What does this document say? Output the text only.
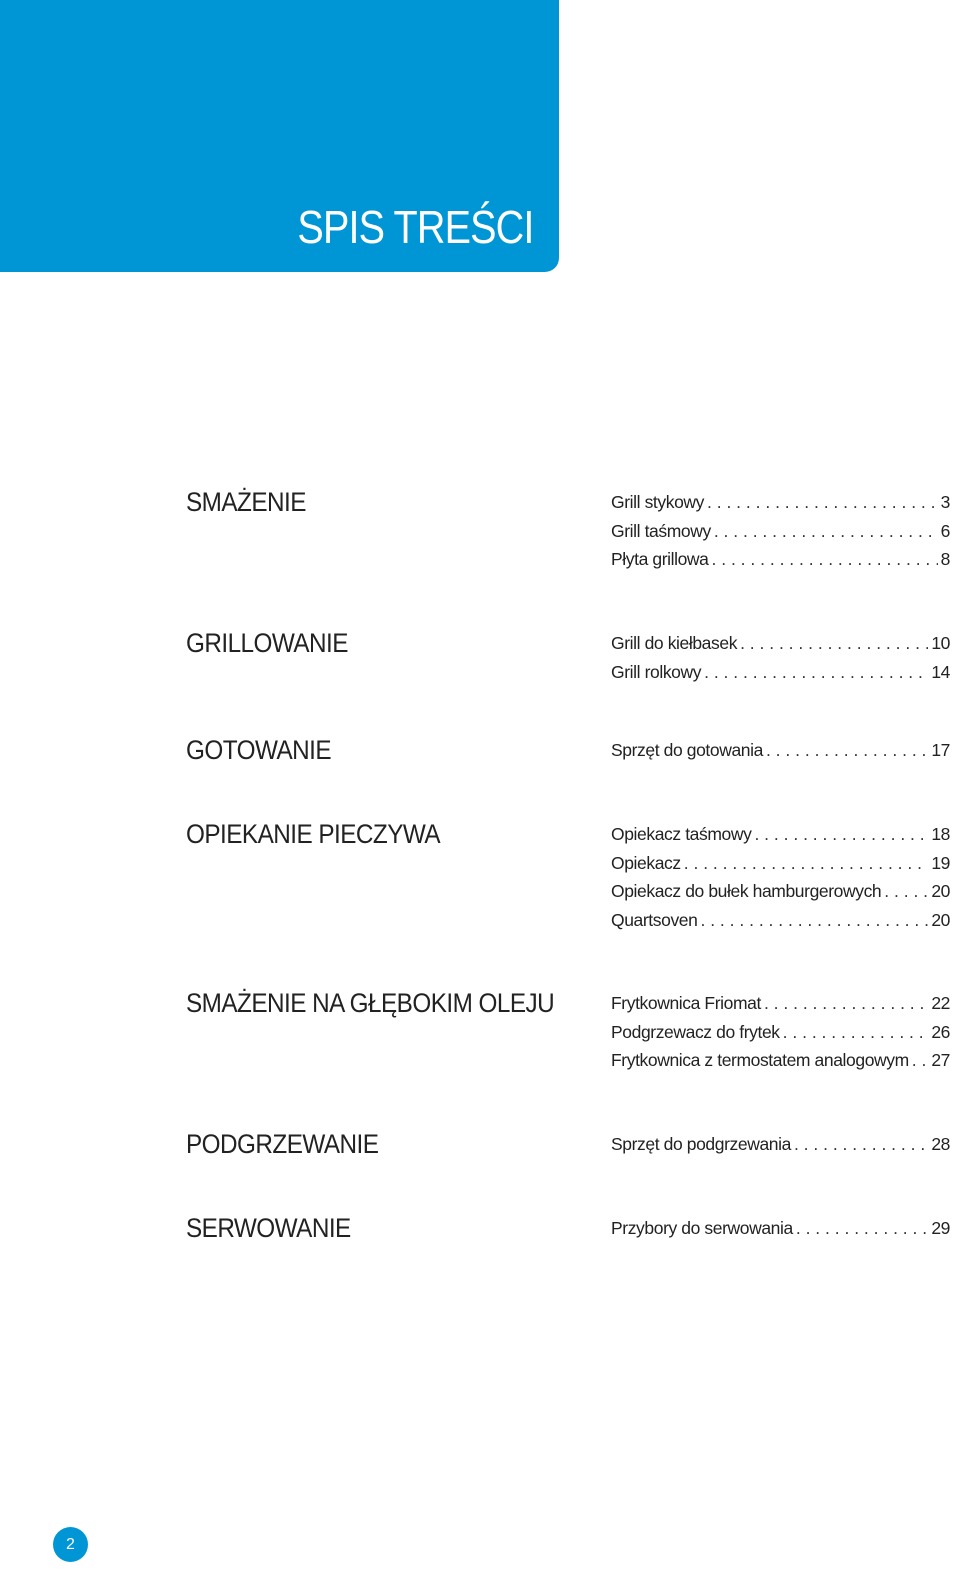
SPIS TREŚCI
SMAŻENIE	Grill stykowy . . .	3
Grill taśmowy . . .	6
Płyta grillowa . . .	8
GRILLOWANIE	Grill do kiełbasek . . .	10
Grill rolkowy . . .	14
GOTOWANIE	Sprzęt do gotowania . . .	17
OPIEKANIE PIECZYWA	Opiekacz taśmowy . . .	18
Opiekacz . . .	19
Opiekacz do bułek hamburgerowych . . .	20
Quartsoven . . .	20
SMAŻENIE NA GŁĘBOKIM OLEJU	Frytkownica Friomat . . .	22
Podgrzewacz do frytek . . .	26
Frytkownica z termostatem analogowym . . . 27
PODGRZEWANIE	Sprzęt do podgrzewania . . .	28
SERWOWANIE	Przybory do serwowania . . .	29
2
